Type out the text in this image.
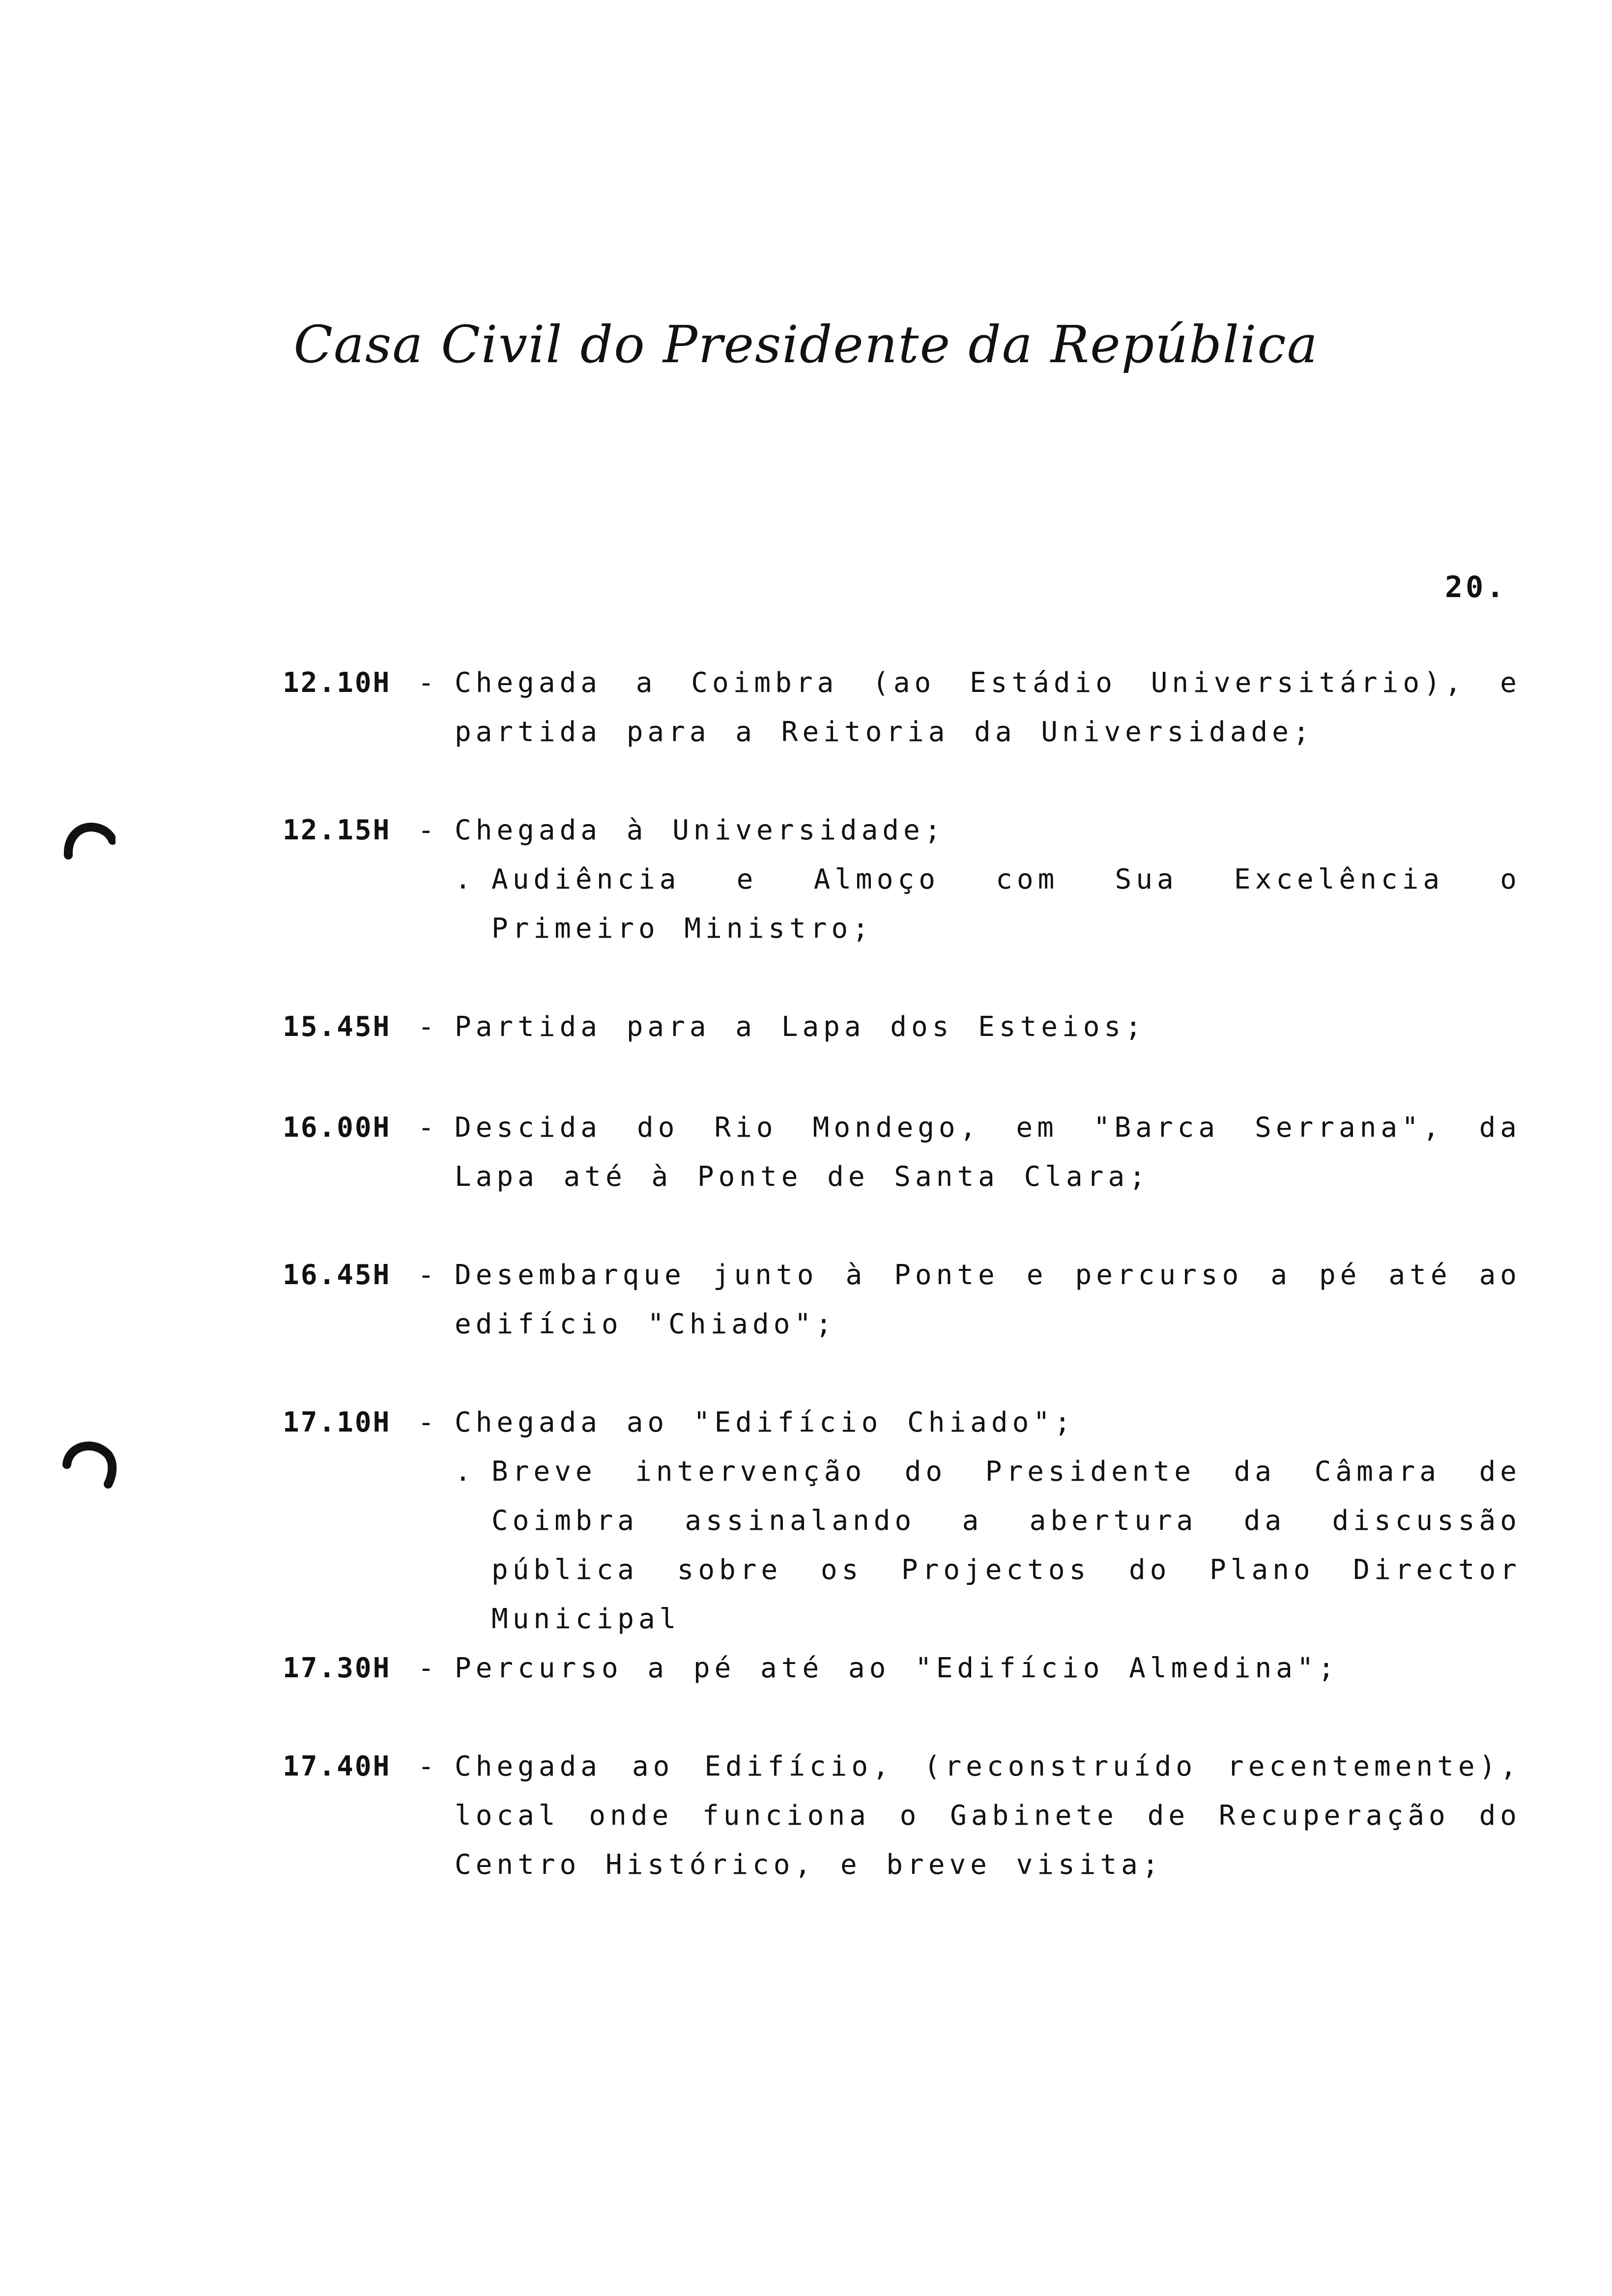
Casa Civil do Presidente da República
20.
12.10H - Chegada a Coimbra (ao Estádio Universitário), e partida para a Reitoria da Universidade;
12.15H - Chegada à Universidade;
. Audiência e Almoço com Sua Excelência o Primeiro Ministro;
15.45H - Partida para a Lapa dos Esteios;
16.00H - Descida do Rio Mondego, em "Barca Serrana", da Lapa até à Ponte de Santa Clara;
16.45H - Desembarque junto à Ponte e percurso a pé até ao edifício "Chiado";
17.10H - Chegada ao "Edifício Chiado";
. Breve intervenção do Presidente da Câmara de Coimbra assinalando a abertura da discussão pública sobre os Projectos do Plano Director Municipal
17.30H - Percurso a pé até ao "Edifício Almedina";
17.40H - Chegada ao Edifício, (reconstruído recentemente), local onde funciona o Gabinete de Recuperação do Centro Histórico, e breve visita;
